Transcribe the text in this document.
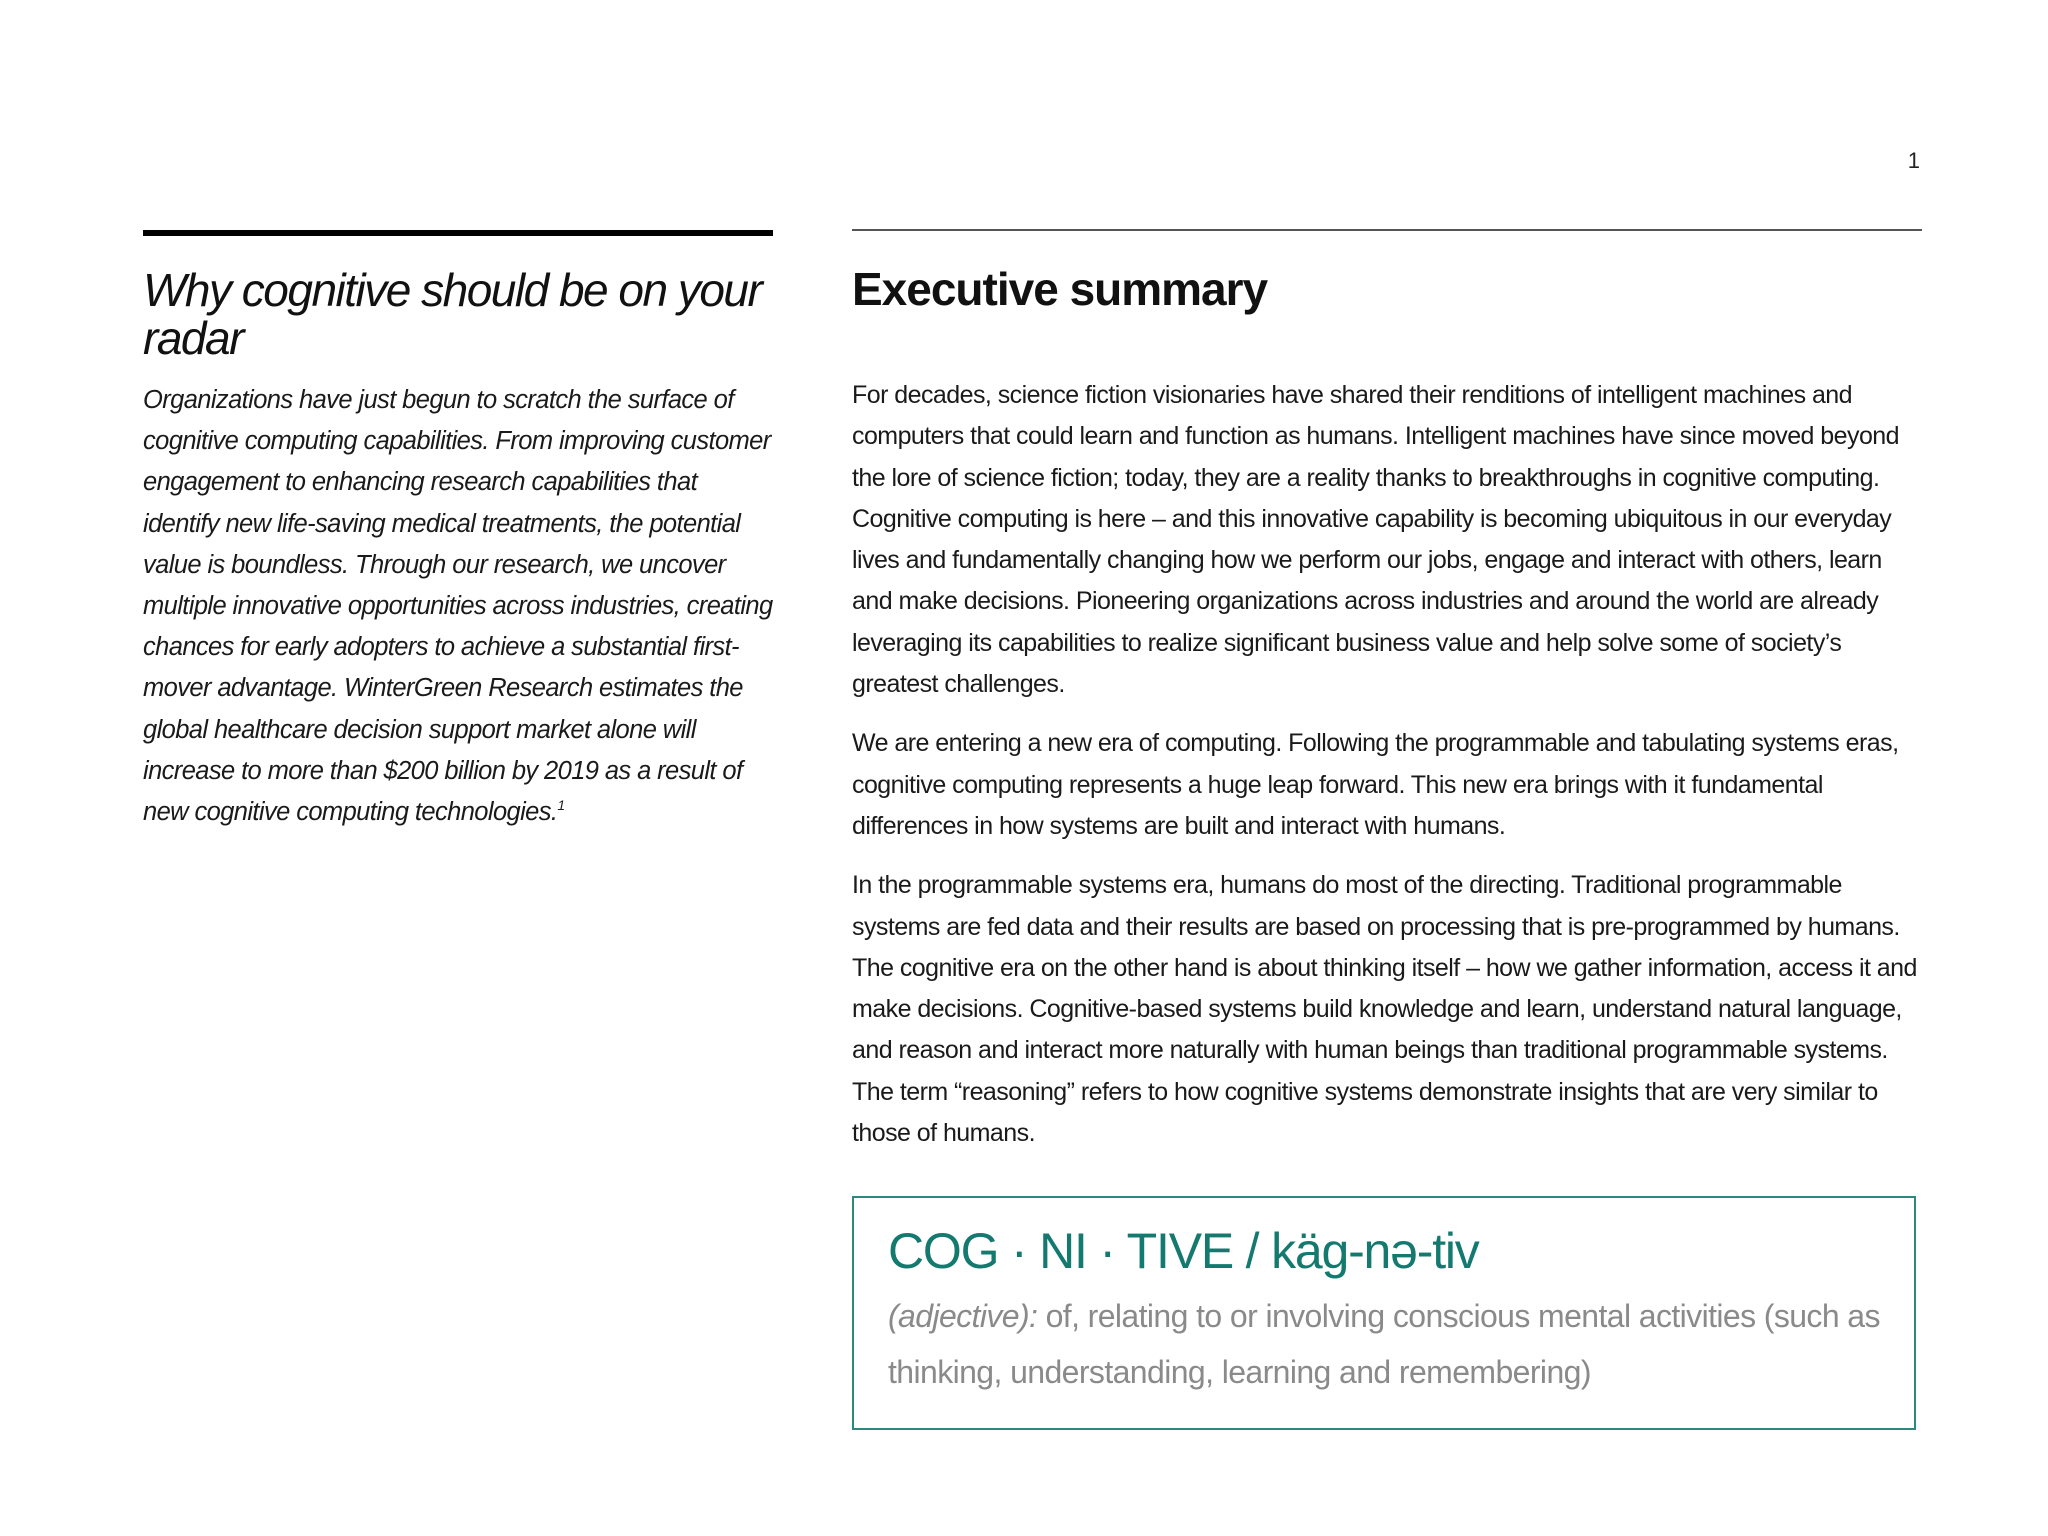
1
Why cognitive should be on your radar
Organizations have just begun to scratch the surface of cognitive computing capabilities. From improving customer engagement to enhancing research capabilities that identify new life-saving medical treatments, the potential value is boundless. Through our research, we uncover multiple innovative opportunities across industries, creating chances for early adopters to achieve a substantial first-mover advantage. WinterGreen Research estimates the global healthcare decision support market alone will increase to more than $200 billion by 2019 as a result of new cognitive computing technologies.$^1$
Executive summary

For decades, science fiction visionaries have shared their renditions of intelligent machines and computers that could learn and function as humans. Intelligent machines have since moved beyond the lore of science fiction; today, they are a reality thanks to breakthroughs in cognitive computing. Cognitive computing is here – and this innovative capability is becoming ubiquitous in our everyday lives and fundamentally changing how we perform our jobs, engage and interact with others, learn and make decisions. Pioneering organizations across industries and around the world are already leveraging its capabilities to realize significant business value and help solve some of society’s greatest challenges.

We are entering a new era of computing. Following the programmable and tabulating systems eras, cognitive computing represents a huge leap forward. This new era brings with it fundamental differences in how systems are built and interact with humans.

In the programmable systems era, humans do most of the directing. Traditional programmable systems are fed data and their results are based on processing that is pre-programmed by humans. The cognitive era on the other hand is about thinking itself – how we gather information, access it and make decisions. Cognitive-based systems build knowledge and learn, understand natural language, and reason and interact more naturally with human beings than traditional programmable systems. The term “reasoning” refers to how cognitive systems demonstrate insights that are very similar to those of humans.

COG · NI · TIVE / käg-nə-tiv
(adjective): of, relating to or involving conscious mental activities (such as thinking, understanding, learning and remembering)
